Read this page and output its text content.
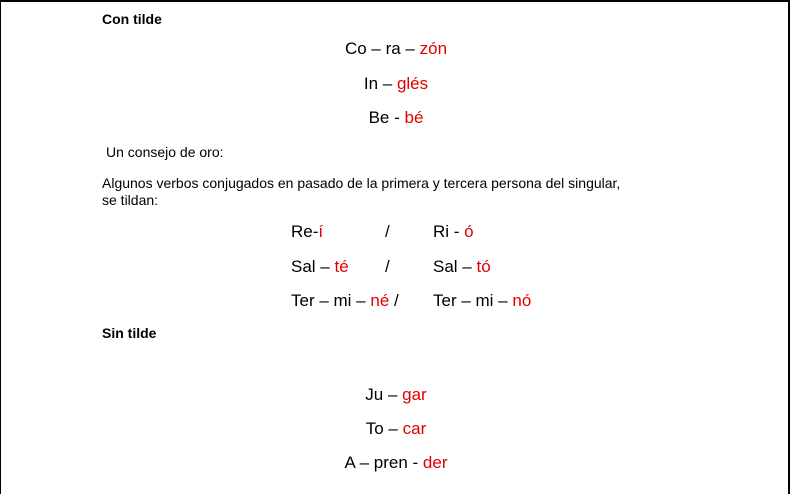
Con tilde
Co – ra – zón
In – glés
Be - bé
Un consejo de oro:
Algunos verbos conjugados en pasado de la primera y tercera persona del singular,
se tildan:
Re-í	/	Ri - ó
Sal – té /	Sal – tó
Ter – mi – né / Ter – mi – nó
Sin tilde
Ju – gar
To – car
A – pren - der
